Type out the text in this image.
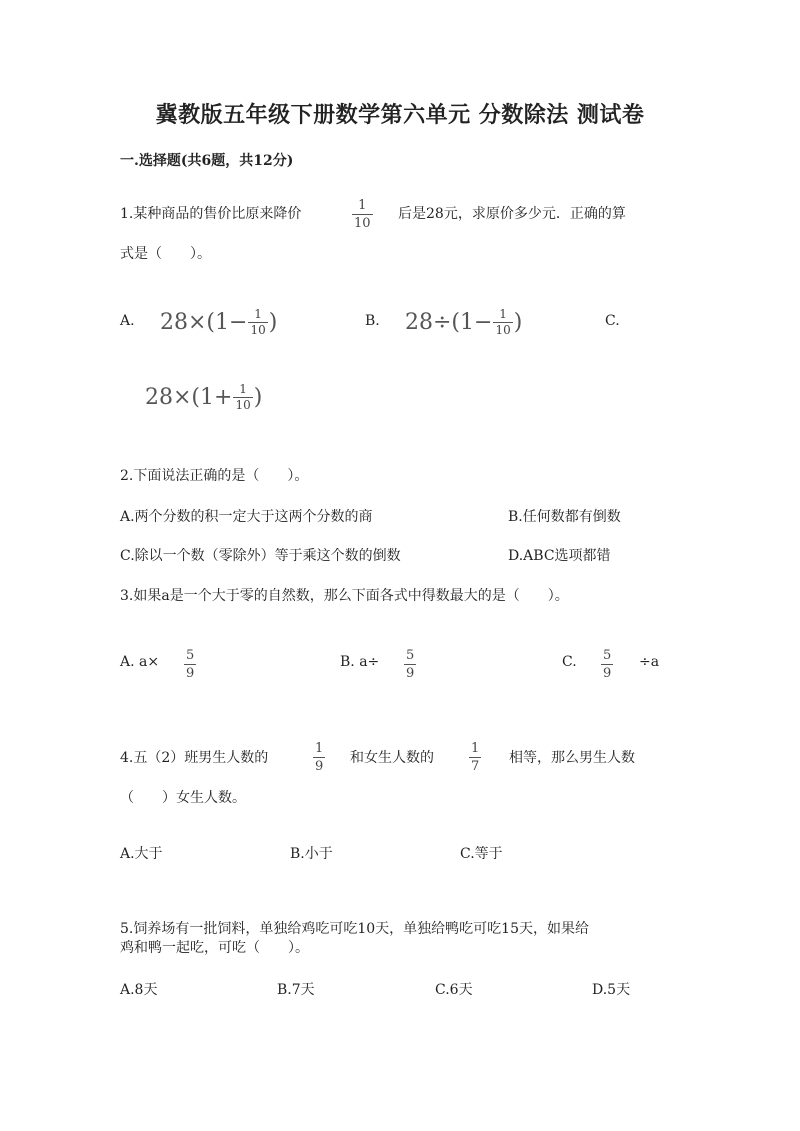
冀教版五年级下册数学第六单元 分数除法 测试卷
一.选择题(共6题，共12分)
1.某种商品的售价比原来降价
1
10
后是28元，求原价多少元．正确的算
式是（　　）。
A. $28\times(1- \frac{1}{10}$ )	B. $28\div(1- \frac{1}{10}$ )	C.
$28\times(1+ \frac{1}{10}$ )
2.下面说法正确的是（　　）。
A.两个分数的积一定大于这两个分数的商	B.任何数都有倒数
C.除以一个数（零除外）等于乘这个数的倒数	D.ABC选项都错
3.如果a是一个大于零的自然数，那么下面各式中得数最大的是（　　）。
A. a× 5
9
B. a÷ 5
9
C. 5
9
÷a
4.五（2）班男生人数的
1
9
和女生人数的
1
7
相等，那么男生人数
（　　）女生人数。
A.大于	B.小于	C.等于
5.饲养场有一批饲料，单独给鸡吃可吃10天，单独给鸭吃可吃15天，如果给
鸡和鸭一起吃，可吃（　　）。
A.8天	B.7天	C.6天	D.5天
